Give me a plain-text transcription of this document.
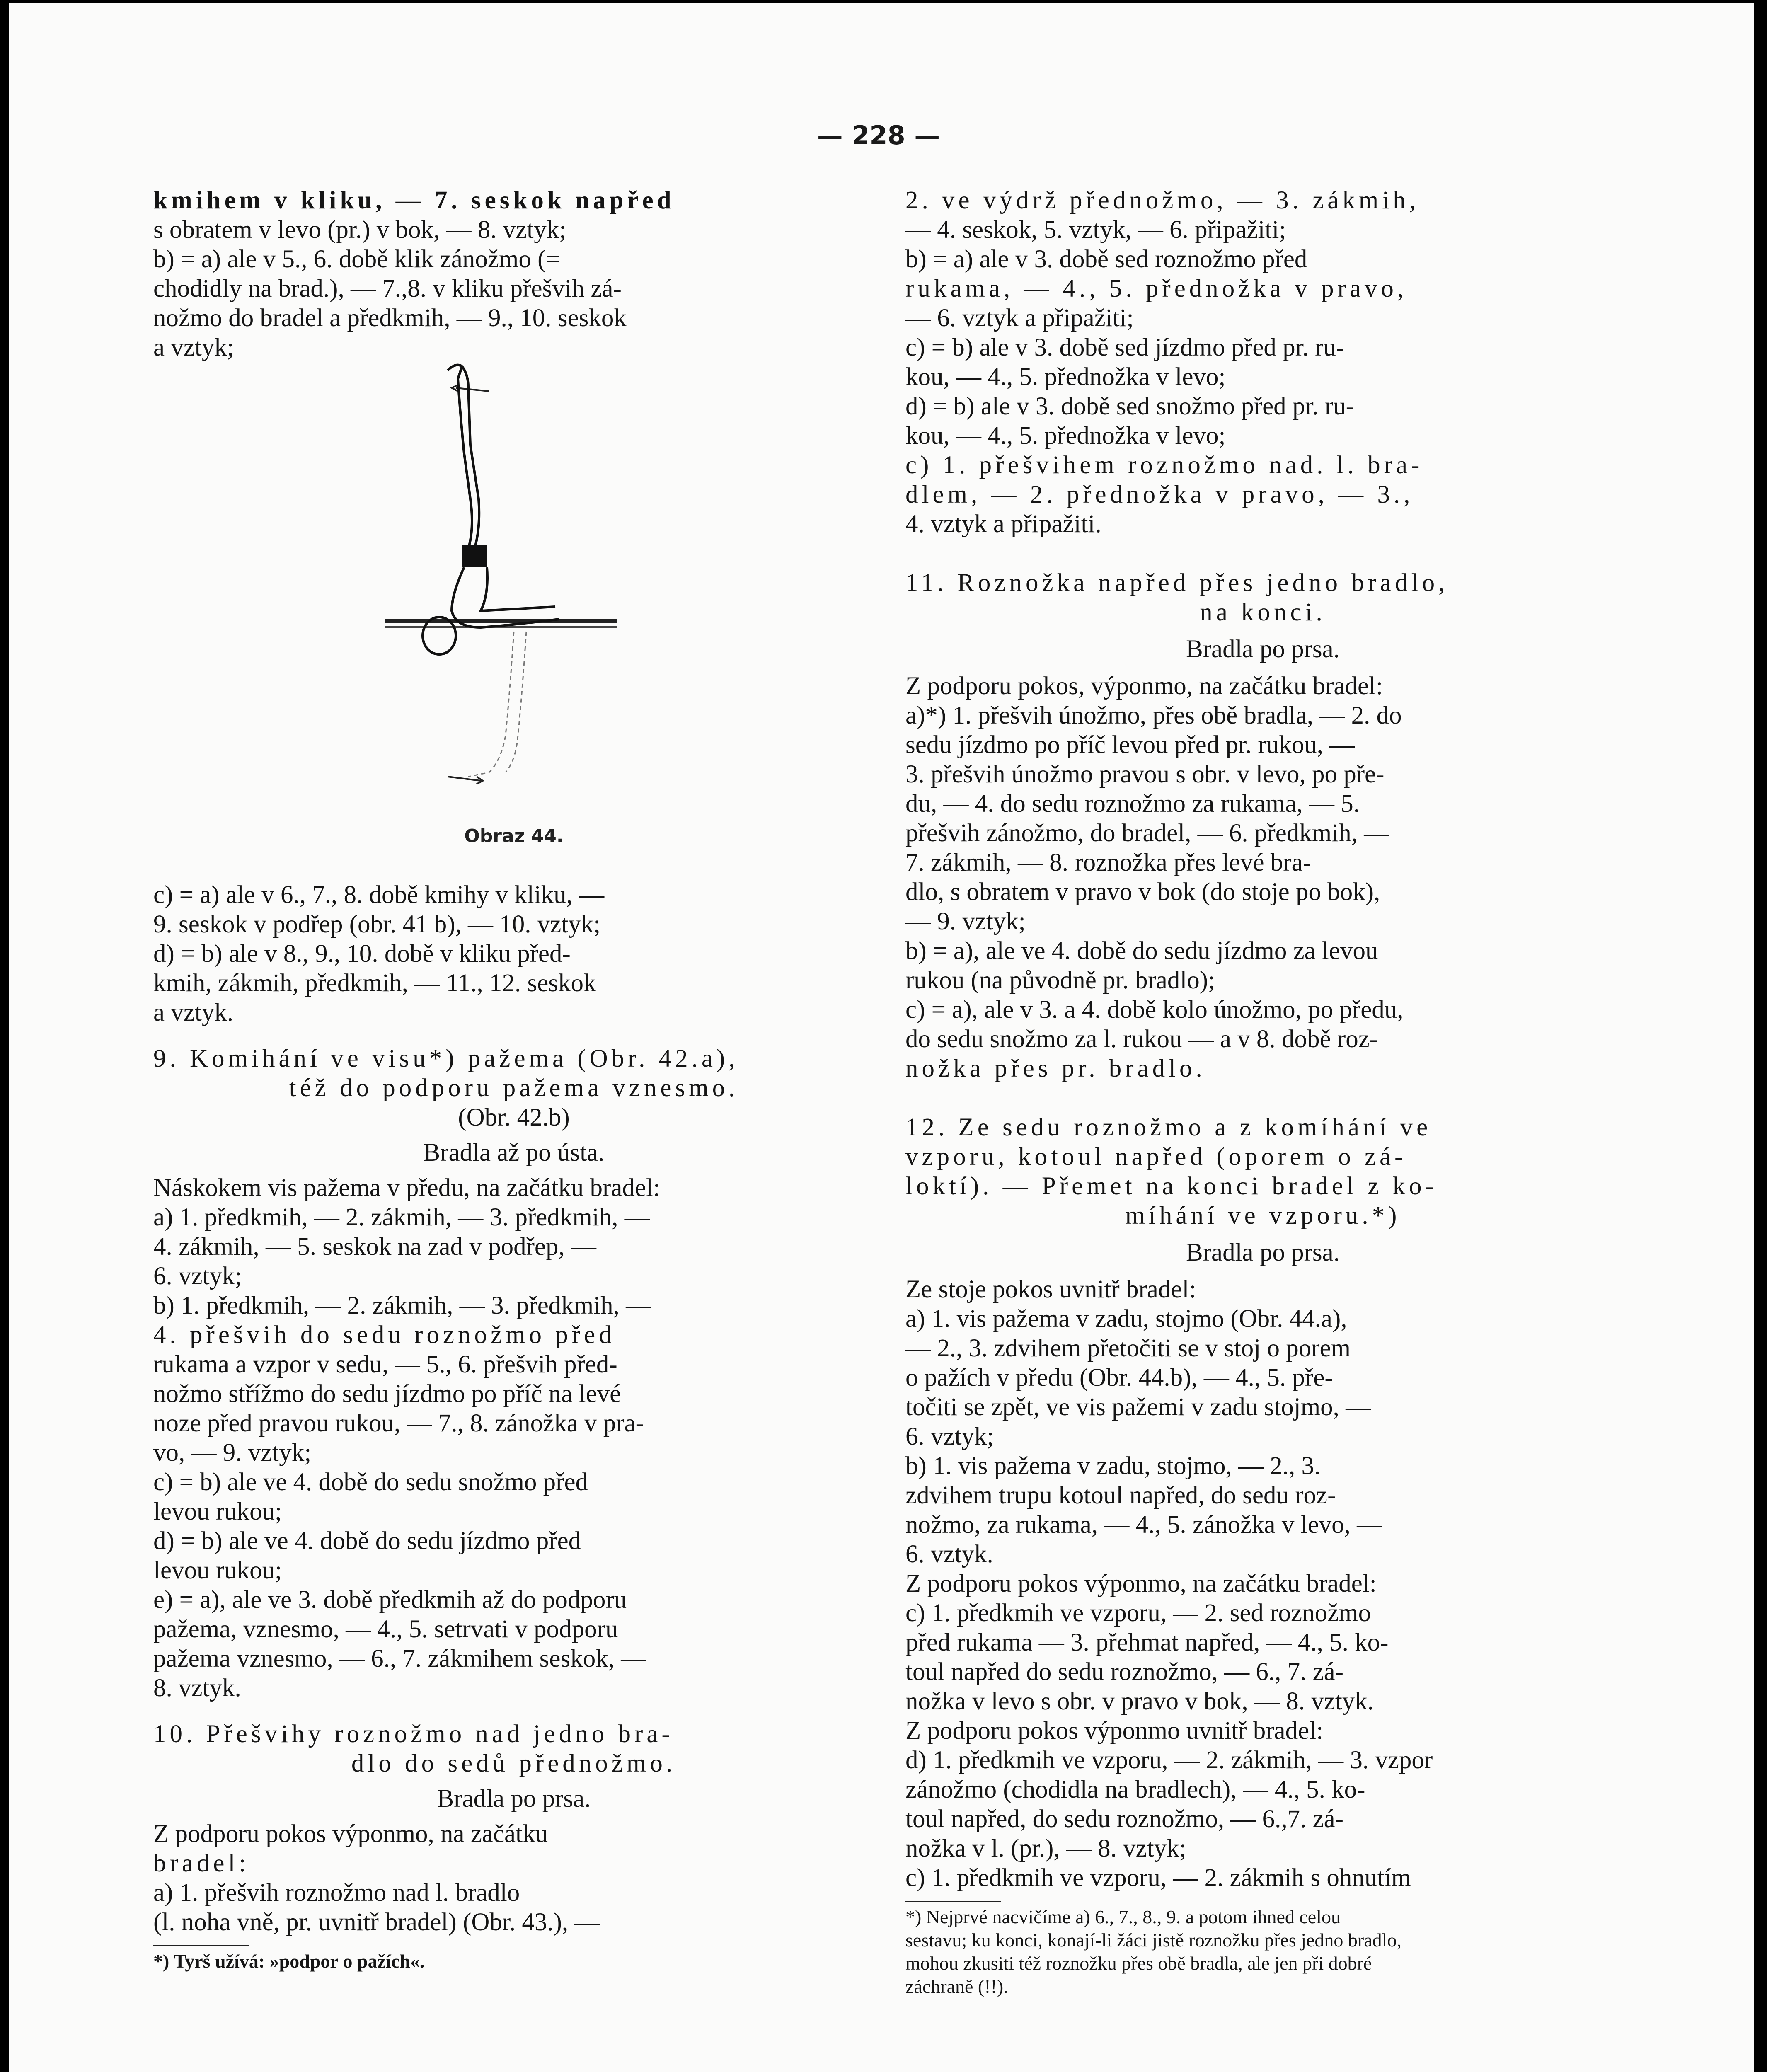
— 228 —
kmihem v kliku, — 7. seskok napřed
s obratem v levo (pr.) v bok, — 8. vztyk;
b) = a) ale v 5., 6. době klik zánožmo (=
chodidly na brad.), — 7.,8. v kliku přešvih zá-
nožmo do bradel a předkmih, — 9., 10. seskok
a vztyk;
Obraz 44.
c) = a) ale v 6., 7., 8. době kmihy v kliku, —
9. seskok v podřep (obr. 41 b), — 10. vztyk;
d) = b) ale v 8., 9., 10. době v kliku před-
kmih, zákmih, předkmih, — 11., 12. seskok
a vztyk.
9. Komihání ve visu*) pažema (Obr. 42.a),
též do podporu pažema vznesmo.
(Obr. 42.b)
Bradla až po ústa.
Náskokem vis pažema v předu, na začátku bradel:
a) 1. předkmih, — 2. zákmih, — 3. předkmih, —
4. zákmih, — 5. seskok na zad v podřep, —
6. vztyk;
b) 1. předkmih, — 2. zákmih, — 3. předkmih, —
4. přešvih do sedu roznožmo před
rukama a vzpor v sedu, — 5., 6. přešvih před-
nožmo střížmo do sedu jízdmo po příč na levé
noze před pravou rukou, — 7., 8. zánožka v pra-
vo, — 9. vztyk;
c) = b) ale ve 4. době do sedu snožmo před
levou rukou;
d) = b) ale ve 4. době do sedu jízdmo před
levou rukou;
e) = a), ale ve 3. době předkmih až do podporu
pažema, vznesmo, — 4., 5. setrvati v podporu
pažema vznesmo, — 6., 7. zákmihem seskok, —
8. vztyk.
10. Přešvihy roznožmo nad jedno bra-
dlo do sedů přednožmo.
Bradla po prsa.
Z podporu pokos výponmo, na začátku
bradel:
a) 1. přešvih roznožmo nad l. bradlo
(l. noha vně, pr. uvnitř bradel) (Obr. 43.), —
*) Tyrš užívá: »podpor o pažích«.
2. ve výdrž přednožmo, — 3. zákmih,
— 4. seskok, 5. vztyk, — 6. připažiti;
b) = a) ale v 3. době sed roznožmo před
rukama, — 4., 5. přednožka v pravo,
— 6. vztyk a připažiti;
c) = b) ale v 3. době sed jízdmo před pr. ru-
kou, — 4., 5. přednožka v levo;
d) = b) ale v 3. době sed snožmo před pr. ru-
kou, — 4., 5. přednožka v levo;
c) 1. přešvihem roznožmo nad. l. bra-
dlem, — 2. přednožka v pravo, — 3.,
4. vztyk a připažiti.
11. Roznožka napřed přes jedno bradlo,
na konci.
Bradla po prsa.
Z podporu pokos, výponmo, na začátku bradel:
a)*) 1. přešvih únožmo, přes obě bradla, — 2. do
sedu jízdmo po příč levou před pr. rukou, —
3. přešvih únožmo pravou s obr. v levo, po pře-
du, — 4. do sedu roznožmo za rukama, — 5.
přešvih zánožmo, do bradel, — 6. předkmih, —
7. zákmih, — 8. roznožka přes levé bra-
dlo, s obratem v pravo v bok (do stoje po bok),
— 9. vztyk;
b) = a), ale ve 4. době do sedu jízdmo za levou
rukou (na původně pr. bradlo);
c) = a), ale v 3. a 4. době kolo únožmo, po předu,
do sedu snožmo za l. rukou — a v 8. době roz-
nožka přes pr. bradlo.
12. Ze sedu roznožmo a z komíhání ve
vzporu, kotoul napřed (oporem o zá-
loktí). — Přemet na konci bradel z ko-
míhání ve vzporu.*)
Bradla po prsa.
Ze stoje pokos uvnitř bradel:
a) 1. vis pažema v zadu, stojmo (Obr. 44.a),
— 2., 3. zdvihem přetočiti se v stoj o porem
o pažích v předu (Obr. 44.b), — 4., 5. pře-
točiti se zpět, ve vis pažemi v zadu stojmo, —
6. vztyk;
b) 1. vis pažema v zadu, stojmo, — 2., 3.
zdvihem trupu kotoul napřed, do sedu roz-
nožmo, za rukama, — 4., 5. zánožka v levo, —
6. vztyk.
Z podporu pokos výponmo, na začátku bradel:
c) 1. předkmih ve vzporu, — 2. sed roznožmo
před rukama — 3. přehmat napřed, — 4., 5. ko-
toul napřed do sedu roznožmo, — 6., 7. zá-
nožka v levo s obr. v pravo v bok, — 8. vztyk.
Z podporu pokos výponmo uvnitř bradel:
d) 1. předkmih ve vzporu, — 2. zákmih, — 3. vzpor
zánožmo (chodidla na bradlech), — 4., 5. ko-
toul napřed, do sedu roznožmo, — 6.,7. zá-
nožka v l. (pr.), — 8. vztyk;
c) 1. předkmih ve vzporu, — 2. zákmih s ohnutím
*) Nejprvé nacvičíme a) 6., 7., 8., 9. a potom ihned celou
sestavu; ku konci, konají-li žáci jistě roznožku přes jedno bradlo,
mohou zkusiti též roznožku přes obě bradla, ale jen při dobré
záchraně (!!).
